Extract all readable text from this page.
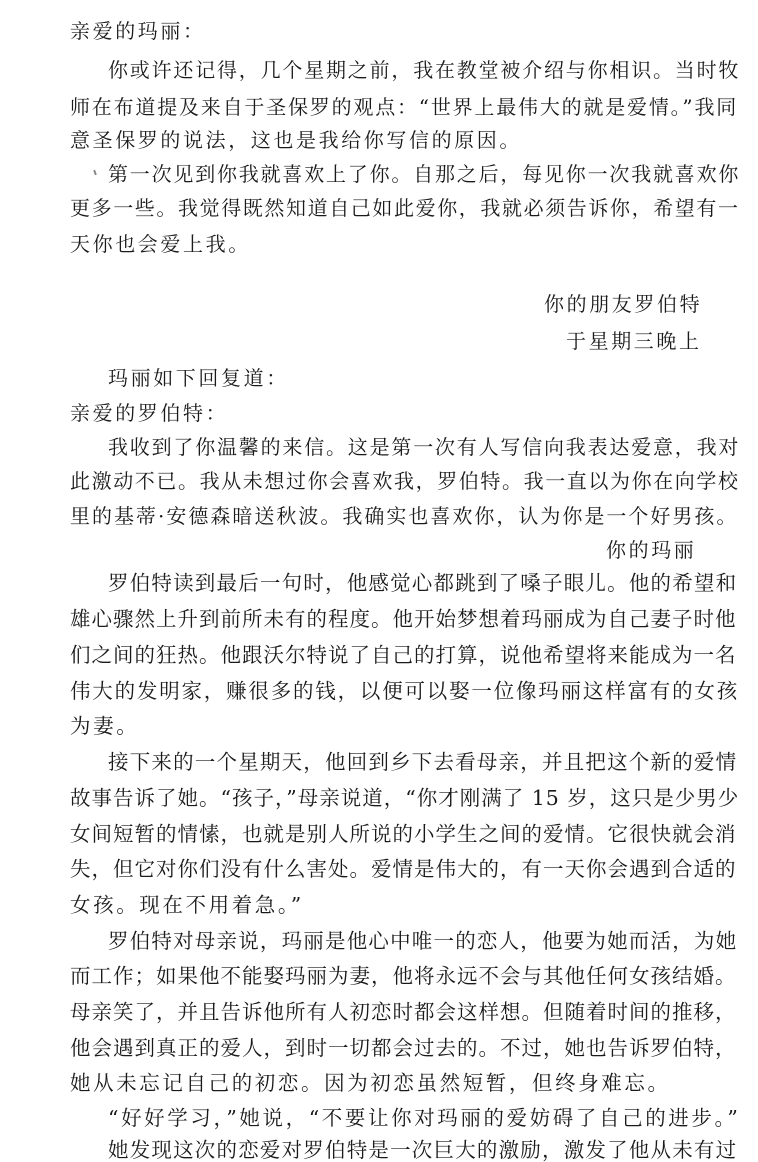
亲爱的玛丽：
你或许还记得，几个星期之前，我在教堂被介绍与你相识。当时牧
师在布道提及来自于圣保罗的观点：“世界上最伟大的就是爱情。”我同
意圣保罗的说法，这也是我给你写信的原因。
第一次见到你我就喜欢上了你。自那之后，每见你一次我就喜欢你
更多一些。我觉得既然知道自己如此爱你，我就必须告诉你，希望有一
天你也会爱上我。
你的朋友罗伯特
于星期三晚上
玛丽如下回复道：
亲爱的罗伯特：
我收到了你温馨的来信。这是第一次有人写信向我表达爱意，我对
此激动不已。我从未想过你会喜欢我，罗伯特。我一直以为你在向学校
里的基蒂·安德森暗送秋波。我确实也喜欢你，认为你是一个好男孩。
你的玛丽
罗伯特读到最后一句时，他感觉心都跳到了嗓子眼儿。他的希望和
雄心骤然上升到前所未有的程度。他开始梦想着玛丽成为自己妻子时他
们之间的狂热。他跟沃尔特说了自己的打算，说他希望将来能成为一名
伟大的发明家，赚很多的钱，以便可以娶一位像玛丽这样富有的女孩
为妻。
接下来的一个星期天，他回到乡下去看母亲，并且把这个新的爱情
故事告诉了她。“孩子，”母亲说道，“你才刚满了 15 岁，这只是少男少
女间短暂的情愫，也就是别人所说的小学生之间的爱情。它很快就会消
失，但它对你们没有什么害处。爱情是伟大的，有一天你会遇到合适的
女孩。现在不用着急。”
罗伯特对母亲说，玛丽是他心中唯一的恋人，他要为她而活，为她
而工作；如果他不能娶玛丽为妻，他将永远不会与其他任何女孩结婚。
母亲笑了，并且告诉他所有人初恋时都会这样想。但随着时间的推移，
他会遇到真正的爱人，到时一切都会过去的。不过，她也告诉罗伯特，
她从未忘记自己的初恋。因为初恋虽然短暂，但终身难忘。
“好好学习，”她说，“不要让你对玛丽的爱妨碍了自己的进步。”
她发现这次的恋爱对罗伯特是一次巨大的激励，激发了他从未有过
